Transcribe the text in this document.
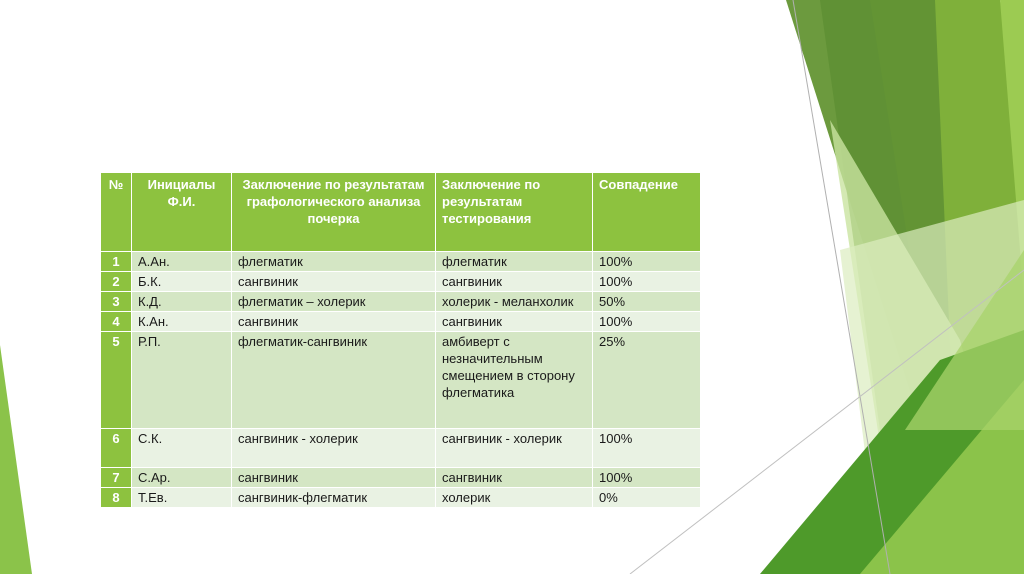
№	Инициалы Ф.И.	Заключение по результатам графологического анализа почерка	Заключение по результатам тестирования	Совпадение
1	А.Ан.	флегматик	флегматик	100%
2	Б.К.	сангвиник	сангвиник	100%
3	К.Д.	флегматик – холерик	холерик - меланхолик	50%
4	К.Ан.	сангвиник	сангвиник	100%
5	Р.П.	флегматик-сангвиник	амбиверт с незначительным смещением в сторону флегматика	25%
6	С.К.	сангвиник - холерик	сангвиник - холерик	100%
7	С.Ар.	сангвиник	сангвиник	100%
8	Т.Ев.	сангвиник-флегматик	холерик	0%
